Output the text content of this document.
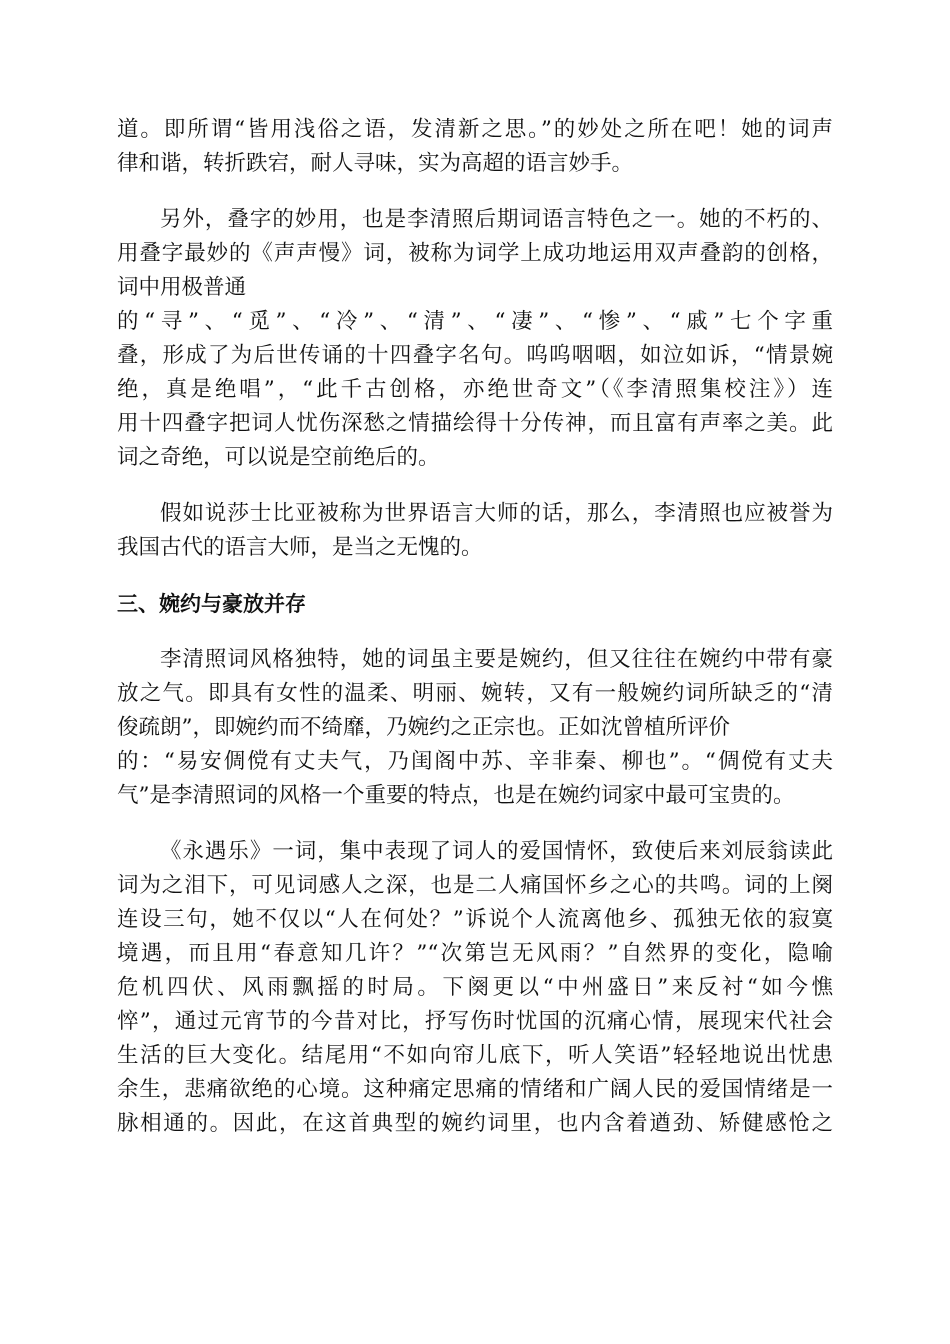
道。即所谓“皆用浅俗之语，发清新之思。”的妙处之所在吧！她的词声
律和谐，转折跌宕，耐人寻味，实为高超的语言妙手。
另外，叠字的妙用，也是李清照后期词语言特色之一。她的不朽的、
用叠字最妙的《声声慢》词，被称为词学上成功地运用双声叠韵的创格，
词中用极普通
的“寻”、“觅”、“冷”、“清”、“凄”、“惨”、“戚”七个字重
叠，形成了为后世传诵的十四叠字名句。呜呜咽咽，如泣如诉，“情景婉
绝，真是绝唱”，“此千古创格，亦绝世奇文”（《李清照集校注》）连
用十四叠字把词人忧伤深愁之情描绘得十分传神，而且富有声率之美。此
词之奇绝，可以说是空前绝后的。
假如说莎士比亚被称为世界语言大师的话，那么，李清照也应被誉为
我国古代的语言大师，是当之无愧的。
三、婉约与豪放并存
李清照词风格独特，她的词虽主要是婉约，但又往往在婉约中带有豪
放之气。即具有女性的温柔、明丽、婉转，又有一般婉约词所缺乏的“清
俊疏朗”，即婉约而不绮靡，乃婉约之正宗也。正如沈曾植所评价
的：“易安倜傥有丈夫气，乃闺阁中苏、辛非秦、柳也”。“倜傥有丈夫
气”是李清照词的风格一个重要的特点，也是在婉约词家中最可宝贵的。
《永遇乐》一词，集中表现了词人的爱国情怀，致使后来刘辰翁读此
词为之泪下，可见词感人之深，也是二人痛国怀乡之心的共鸣。词的上阕
连设三句，她不仅以“人在何处？”诉说个人流离他乡、孤独无依的寂寞
境遇，而且用“春意知几许？”“次第岂无风雨？”自然界的变化，隐喻
危机四伏、风雨飘摇的时局。下阕更以“中州盛日”来反衬“如今憔
悴”，通过元宵节的今昔对比，抒写伤时忧国的沉痛心情，展现宋代社会
生活的巨大变化。结尾用“不如向帘儿底下，听人笑语”轻轻地说出忧患
余生，悲痛欲绝的心境。这种痛定思痛的情绪和广阔人民的爱国情绪是一
脉相通的。因此，在这首典型的婉约词里，也内含着遒劲、矫健感怆之
